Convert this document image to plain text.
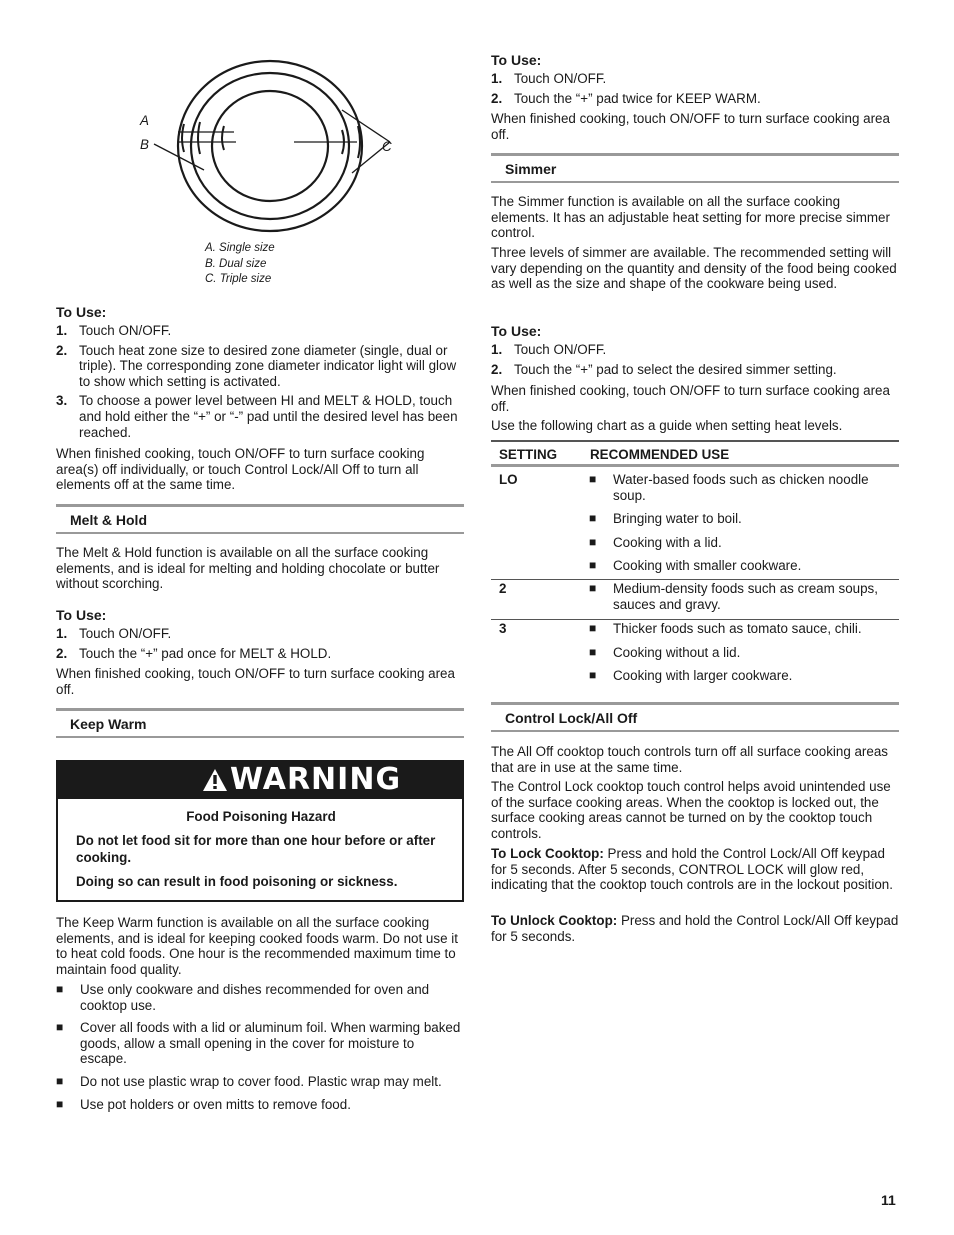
A
B	C
A. Single size
B. Dual size
C. Triple size
To Use:
1. Touch ON/OFF.
2. Touch heat zone size to desired zone diameter (single, dual or triple). The corresponding zone diameter indicator light will glow to show which setting is activated.
3. To choose a power level between HI and MELT & HOLD, touch and hold either the “+” or “-” pad until the desired level has been reached.

When finished cooking, touch ON/OFF to turn surface cooking area(s) off individually, or touch Control Lock/All Off to turn all elements off at the same time.

Melt & Hold

The Melt & Hold function is available on all the surface cooking elements, and is ideal for melting and holding chocolate or butter without scorching.

To Use:
1. Touch ON/OFF.
2. Touch the “+” pad once for MELT & HOLD.

When finished cooking, touch ON/OFF to turn surface cooking area off.

Keep Warm
WARNING
Food Poisoning Hazard
Do not let food sit for more than one hour before or after cooking.
Doing so can result in food poisoning or sickness.

The Keep Warm function is available on all the surface cooking elements, and is ideal for keeping cooked foods warm. Do not use it to heat cold foods. One hour is the recommended maximum time to maintain food quality.

■ Use only cookware and dishes recommended for oven and cooktop use.
■ Cover all foods with a lid or aluminum foil. When warming baked goods, allow a small opening in the cover for moisture to escape.
■ Do not use plastic wrap to cover food. Plastic wrap may melt.
■ Use pot holders or oven mitts to remove food.
To Use:
1. Touch ON/OFF.
2. Touch the “+” pad twice for KEEP WARM.

When finished cooking, touch ON/OFF to turn surface cooking area off.

Simmer

The Simmer function is available on all the surface cooking elements. It has an adjustable heat setting for more precise simmer control.

Three levels of simmer are available. The recommended setting will vary depending on the quantity and density of the food being cooked as well as the size and shape of the cookware being used.

To Use:
1. Touch ON/OFF.
2. Touch the “+” pad to select the desired simmer setting.

When finished cooking, touch ON/OFF to turn surface cooking area off.

Use the following chart as a guide when setting heat levels.

SETTING RECOMMENDED USE
LO	■ Water-based foods such as chicken noodle soup.
■ Bringing water to boil.
■ Cooking with a lid.
■ Cooking with smaller cookware.
2	■ Medium-density foods such as cream soups, sauces and gravy.
3	■ Thicker foods such as tomato sauce, chili.
■ Cooking without a lid.
■ Cooking with larger cookware.
Control Lock/All Off

The All Off cooktop touch controls turn off all surface cooking areas that are in use at the same time.

The Control Lock cooktop touch control helps avoid unintended use of the surface cooking areas. When the cooktop is locked out, the surface cooking areas cannot be turned on by the cooktop touch controls.

To Lock Cooktop: Press and hold the Control Lock/All Off keypad for 5 seconds. After 5 seconds, CONTROL LOCK will glow red, indicating that the cooktop touch controls are in the lockout position.

To Unlock Cooktop: Press and hold the Control Lock/All Off keypad for 5 seconds.

11
